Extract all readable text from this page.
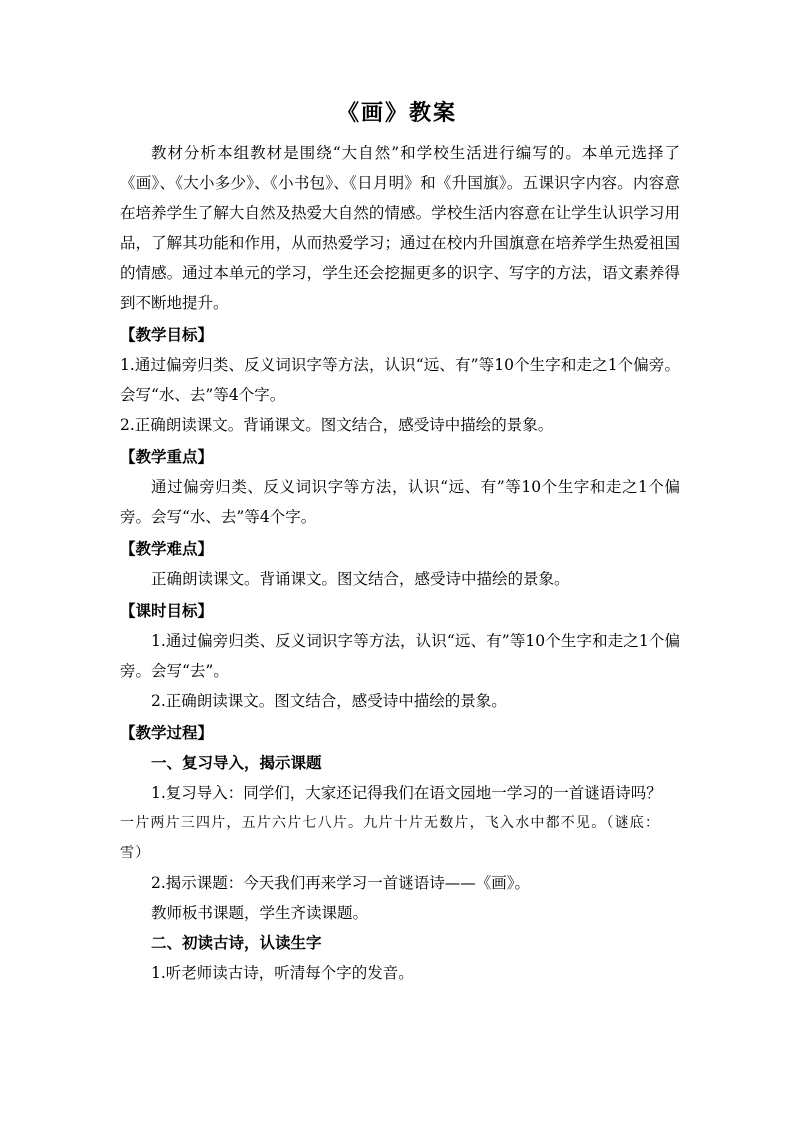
《画》教案

教材分析本组教材是围绕“大自然”和学校生活进行编写的。本单元选择了《画》、《大小多少》、《小书包》、《日月明》和《升国旗》。五课识字内容。内容意在培养学生了解大自然及热爱大自然的情感。学校生活内容意在让学生认识学习用品，了解其功能和作用，从而热爱学习；通过在校内升国旗意在培养学生热爱祖国的情感。通过本单元的学习，学生还会挖掘更多的识字、写字的方法，语文素养得到不断地提升。

【教学目标】

1.通过偏旁归类、反义词识字等方法，认识“远、有”等10个生字和走之1个偏旁。会写“水、去”等4个字。

2.正确朗读课文。背诵课文。图文结合，感受诗中描绘的景象。

【教学重点】

通过偏旁归类、反义词识字等方法，认识“远、有”等10个生字和走之1个偏旁。会写“水、去”等4个字。

【教学难点】

正确朗读课文。背诵课文。图文结合，感受诗中描绘的景象。

【课时目标】

1.通过偏旁归类、反义词识字等方法，认识“远、有”等10个生字和走之1个偏旁。会写“去”。

2.正确朗读课文。图文结合，感受诗中描绘的景象。

【教学过程】
一、复习导入，揭示课题

1.复习导入：同学们，大家还记得我们在语文园地一学习的一首谜语诗吗？

一片两片三四片，五片六片七八片。九片十片无数片，飞入水中都不见。（谜底：雪）

2.揭示课题：今天我们再来学习一首谜语诗——《画》。

教师板书课题，学生齐读课题。

二、初读古诗，认读生字

1.听老师读古诗，听清每个字的发音。
